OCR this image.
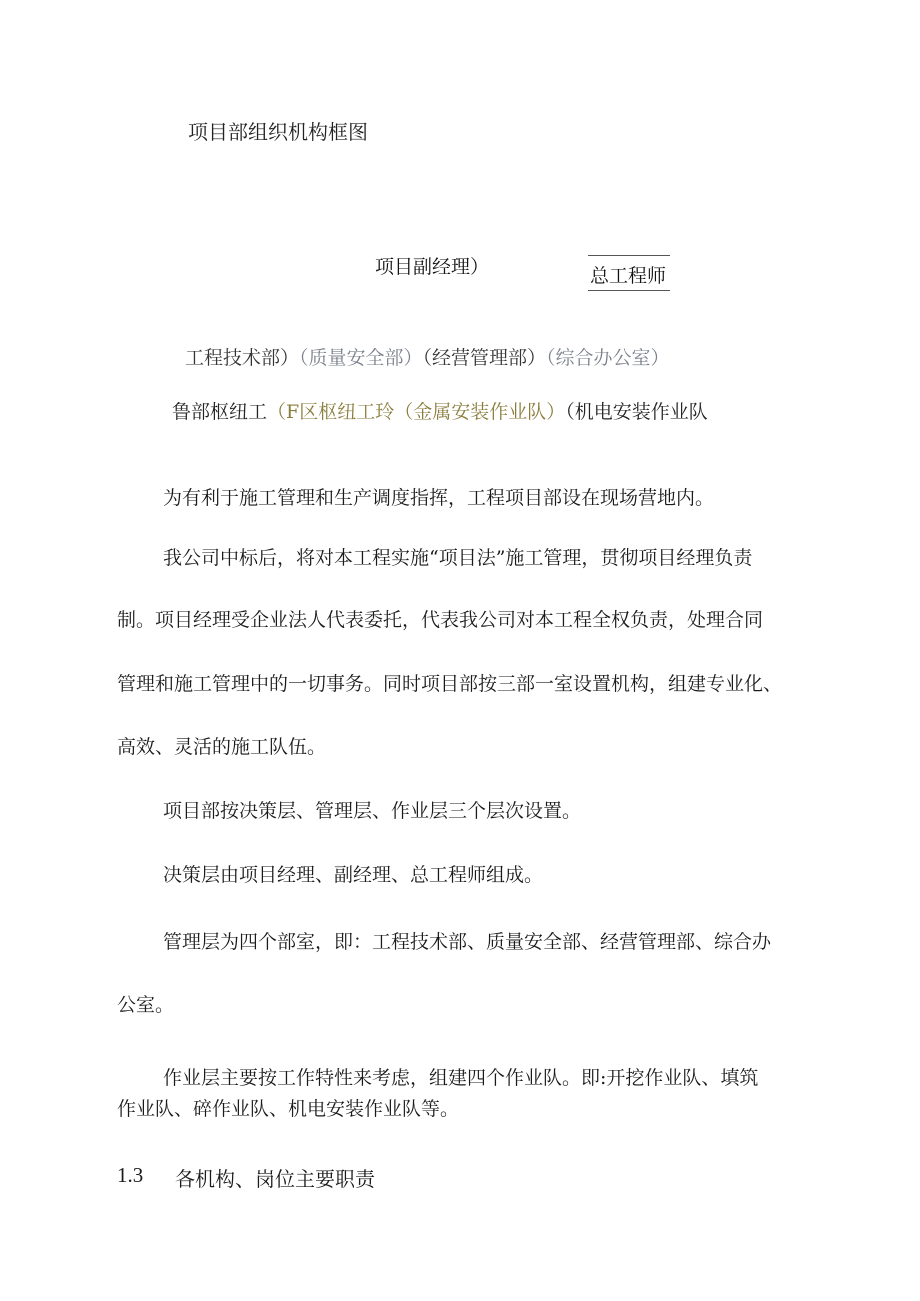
项目部组织机构框图
项目副经理）	总工程师
工程技术部）（质量安全部）（经营管理部）（综合办公室）
鲁部枢纽工（F区枢纽工玲（金属安装作业队）（机电安装作业队
为有利于施工管理和生产调度指挥，工程项目部设在现场营地内。
我公司中标后，将对本工程实施“项目法”施工管理，贯彻项目经理负责
制。项目经理受企业法人代表委托，代表我公司对本工程全权负责，处理合同
管理和施工管理中的一切事务。同时项目部按三部一室设置机构，组建专业化、
高效、灵活的施工队伍。
项目部按决策层、管理层、作业层三个层次设置。
决策层由项目经理、副经理、总工程师组成。
管理层为四个部室，即：工程技术部、质量安全部、经营管理部、综合办
公室。
作业层主要按工作特性来考虑，组建四个作业队。即:开挖作业队、填筑
作业队、碎作业队、机电安装作业队等。
1.3 各机构、岗位主要职责
